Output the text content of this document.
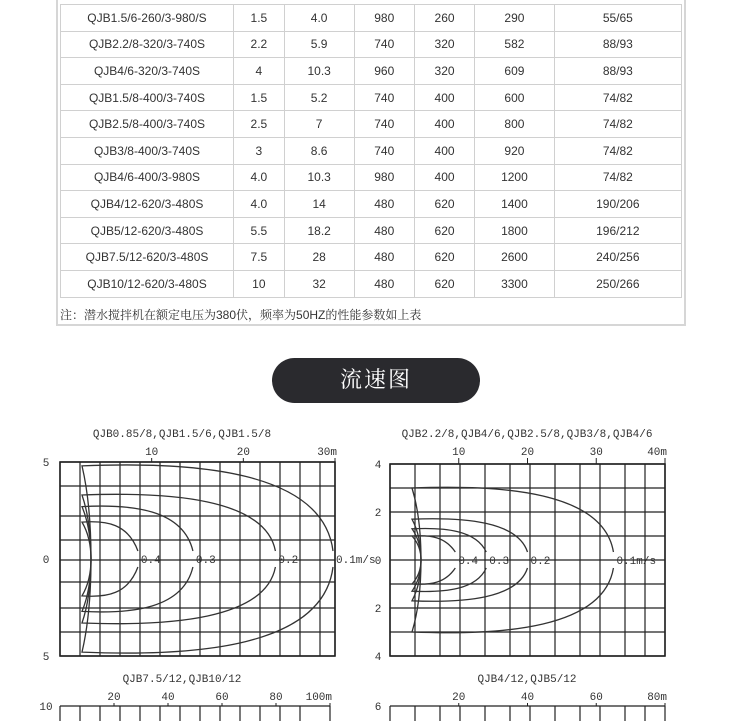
QJB1.5/6-260/3-980/S	1.5	4.0	980	260	290	55/65
QJB2.2/8-320/3-740S	2.2	5.9	740	320	582	88/93
QJB4/6-320/3-740S	4	10.3	960	320	609	88/93
QJB1.5/8-400/3-740S	1.5	5.2	740	400	600	74/82
QJB2.5/8-400/3-740S	2.5	7	740	400	800	74/82
QJB3/8-400/3-740S	3	8.6	740	400	920	74/82
QJB4/6-400/3-980S	4.0	10.3	980	400	1200	74/82
QJB4/12-620/3-480S	4.0	14	480	620	1400	190/206
QJB5/12-620/3-480S	5.5	18.2	480	620	1800	196/212
QJB7.5/12-620/3-480S	7.5	28	480	620	2600	240/256
QJB10/12-620/3-480S	10	32	480	620	3300	250/266
注：潜水搅拌机在额定电压为380伏，频率为50HZ的性能参数如上表
流速图
QJB0.85/8,QJB1.5/6,QJB1.5/8
10	20	30m
5
0
5
0.4	0.3	0.2	0.1m/s
QJB2.2/8,QJB4/6,QJB2.5/8,QJB3/8,QJB4/6
10	20	30	40m
4
2
0
2
4
0.4 0.3 0.2	0.1m/s
QJB7.5/12,QJB10/12
20	40	60	80 100m
10
QJB4/12,QJB5/12
20	40	60	80m
6
